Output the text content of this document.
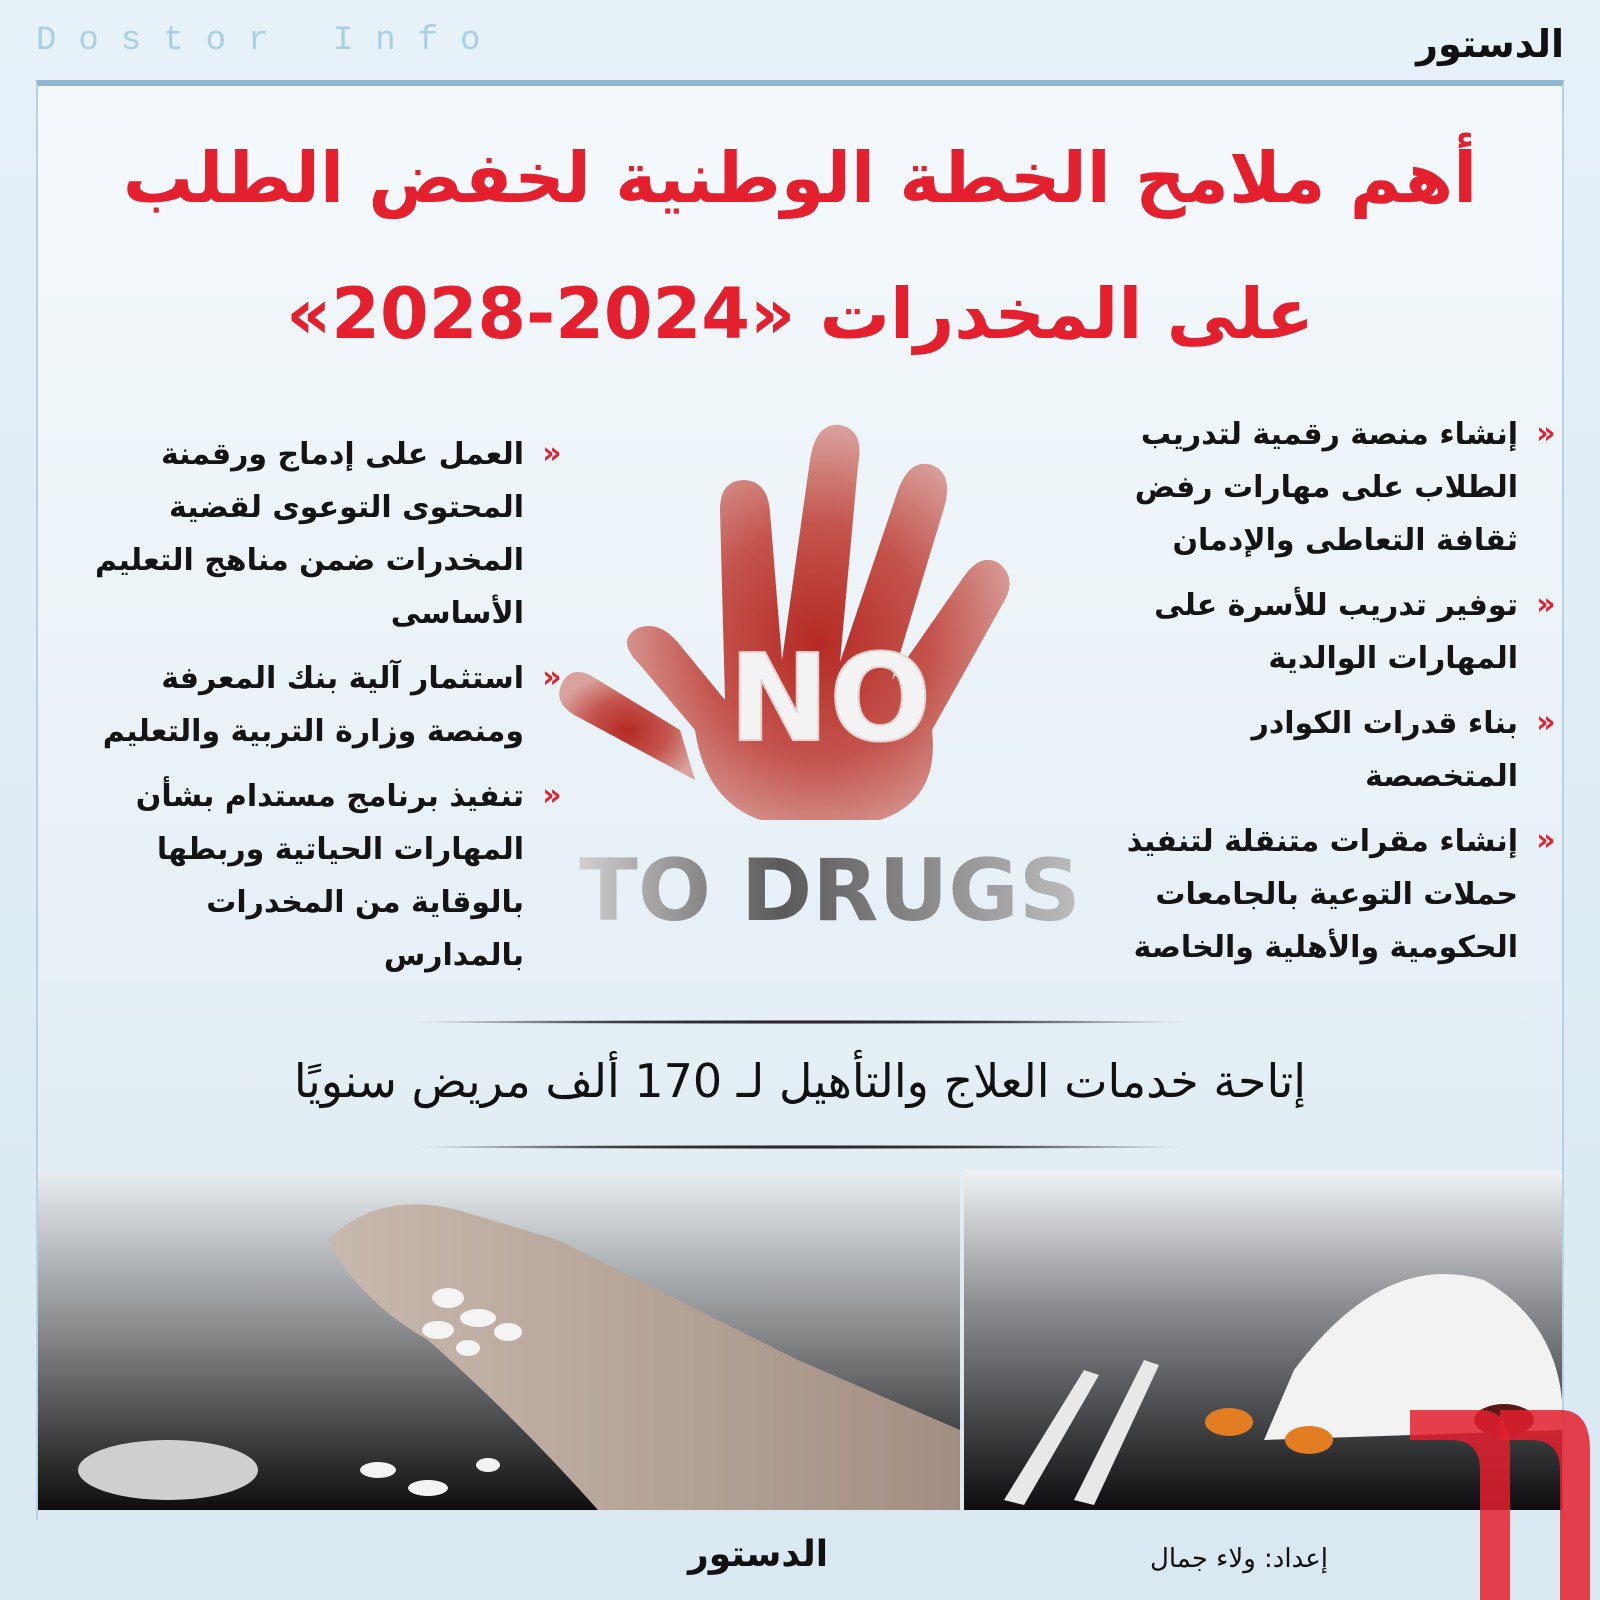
Dostor Info	الدستور
أهم ملامح الخطة الوطنية لخفض الطلب
على المخدرات «2024-2028»
NO
TO DRUGS
«
إنشاء منصة رقمية لتدريب الطلاب على مهارات رفض ثقافة التعاطى والإدمان
«
توفير تدريب للأسرة على المهارات الوالدية
«
بناء قدرات الكوادر المتخصصة
«
إنشاء مقرات متنقلة لتنفيذ حملات التوعية بالجامعات الحكومية والأهلية والخاصة
«
العمل على إدماج ورقمنة المحتوى التوعوى لقضية المخدرات ضمن مناهج التعليم الأساسى
«
استثمار آلية بنك المعرفة ومنصة وزارة التربية والتعليم
«
تنفيذ برنامج مستدام بشأن المهارات الحياتية وربطها بالوقاية من المخدرات بالمدارس
إتاحة خدمات العلاج والتأهيل لـ 170 ألف مريض سنويًا
إعداد: ولاء جمال
الدستور
